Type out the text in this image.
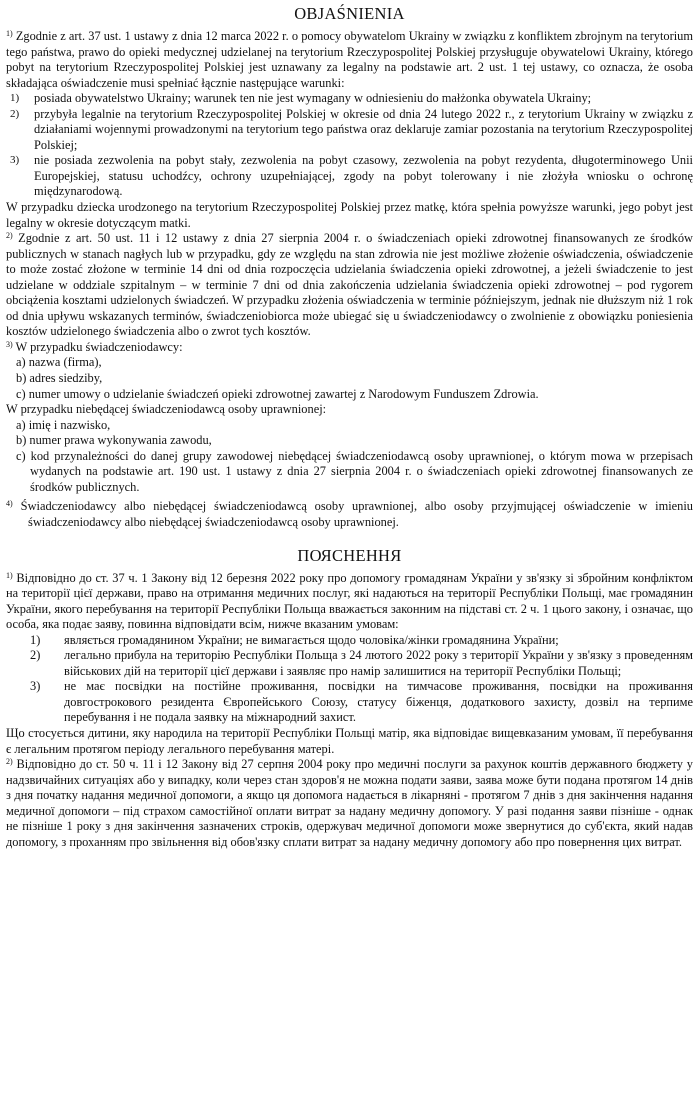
OBJAŚNIENIA

$^{1)}$ Zgodnie z art. 37 ust. 1 ustawy z dnia 12 marca 2022 r. o pomocy obywatelom Ukrainy w związku z konfliktem zbrojnym na terytorium tego państwa, prawo do opieki medycznej udzielanej na terytorium Rzeczypospolitej Polskiej przysługuje obywatelowi Ukrainy, którego pobyt na terytorium Rzeczypospolitej Polskiej jest uznawany za legalny na podstawie art. 2 ust. 1 tej ustawy, co oznacza, że osoba składająca oświadczenie musi spełniać łącznie następujące warunki:

1) posiada obywatelstwo Ukrainy; warunek ten nie jest wymagany w odniesieniu do małżonka obywatela Ukrainy;
2) przybyła legalnie na terytorium Rzeczypospolitej Polskiej w okresie od dnia 24 lutego 2022 r., z terytorium Ukrainy w związku z działaniami wojennymi prowadzonymi na terytorium tego państwa oraz deklaruje zamiar pozostania na terytorium Rzeczypospolitej Polskiej;
3) nie posiada zezwolenia na pobyt stały, zezwolenia na pobyt czasowy, zezwolenia na pobyt rezydenta, długoterminowego Unii Europejskiej, statusu uchodźcy, ochrony uzupełniającej, zgody na pobyt tolerowany i nie złożyła wniosku o ochronę międzynarodową.

W przypadku dziecka urodzonego na terytorium Rzeczypospolitej Polskiej przez matkę, która spełnia powyższe warunki, jego pobyt jest legalny w okresie dotyczącym matki.

$^{2)}$ Zgodnie z art. 50 ust. 11 i 12 ustawy z dnia 27 sierpnia 2004 r. o świadczeniach opieki zdrowotnej finansowanych ze środków publicznych w stanach nagłych lub w przypadku, gdy ze względu na stan zdrowia nie jest możliwe złożenie oświadczenia, oświadczenie to może zostać złożone w terminie 14 dni od dnia rozpoczęcia udzielania świadczenia opieki zdrowotnej, a jeżeli świadczenie to jest udzielane w oddziale szpitalnym – w terminie 7 dni od dnia zakończenia udzielania świadczenia opieki zdrowotnej – pod rygorem obciążenia kosztami udzielonych świadczeń. W przypadku złożenia oświadczenia w terminie późniejszym, jednak nie dłuższym niż 1 rok od dnia upływu wskazanych terminów, świadczeniobiorca może ubiegać się u świadczeniodawcy o zwolnienie z obowiązku poniesienia kosztów udzielonego świadczenia albo o zwrot tych kosztów.

$^{3)}$ W przypadku świadczeniodawcy:

a) nazwa (firma),
b) adres siedziby,
c) numer umowy o udzielanie świadczeń opieki zdrowotnej zawartej z Narodowym Funduszem Zdrowia.

W przypadku niebędącej świadczeniodawcą osoby uprawnionej:

a) imię i nazwisko,
b) numer prawa wykonywania zawodu,
c) kod przynależności do danej grupy zawodowej niebędącej świadczeniodawcą osoby uprawnionej, o którym mowa w przepisach wydanych na podstawie art. 190 ust. 1 ustawy z dnia 27 sierpnia 2004 r. o świadczeniach opieki zdrowotnej finansowanych ze środków publicznych.

$^{4)}$ Świadczeniodawcy albo niebędącej świadczeniodawcą osoby uprawnionej, albo osoby przyjmującej oświadczenie w imieniu świadczeniodawcy albo niebędącej świadczeniodawcą osoby uprawnionej.

ПОЯСНЕННЯ

$^{1)}$ Відповідно до ст. 37 ч. 1 Закону від 12 березня 2022 року про допомогу громадянам України у зв'язку зі збройним конфліктом на території цієї держави, право на отримання медичних послуг, які надаються на території Республіки Польщі, має громадянин України, якого перебування на території Республіки Польща вважається законним на підставі ст. 2 ч. 1 цього закону, і означає, що особа, яка подає заяву, повинна відповідати всім, нижче вказаним умовам:

1) являється громадянином України; не вимагається щодо чоловіка/жінки громадянина України;
2) легально прибула на територію Республіки Польща з 24 лютого 2022 року з території України у зв'язку з проведенням військових дій на території цієї держави і заявляє про намір залишитися на території Республіки Польщі;
3) не має посвідки на постійне проживання, посвідки на тимчасове проживання, посвідки на проживання довгострокового резидента Європейського Союзу, статусу біженця, додаткового захисту, дозвіл на терпиме перебування і не подала заявку на міжнародний захист.

Що стосується дитини, яку народила на території Республіки Польщі матір, яка відповідає вищевказаним умовам, її перебування є легальним протягом періоду легального перебування матері.

$^{2)}$ Відповідно до ст. 50 ч. 11 і 12 Закону від 27 серпня 2004 року про медичні послуги за рахунок коштів державного бюджету у надзвичайних ситуаціях або у випадку, коли через стан здоров'я не можна подати заяви, заява може бути подана протягом 14 днів з дня початку надання медичної допомоги, а якщо ця допомога надається в лікарняні - протягом 7 днів з дня закінчення надання медичної допомоги – під страхом самостійної оплати витрат за надану медичну допомогу. У разі подання заяви пізніше - однак не пізніше 1 року з дня закінчення зазначених строків, одержувач медичної допомоги може звернутися до суб'єкта, який надав допомогу, з проханням про звільнення від обов'язку сплати витрат за надану медичну допомогу або про повернення цих витрат.
